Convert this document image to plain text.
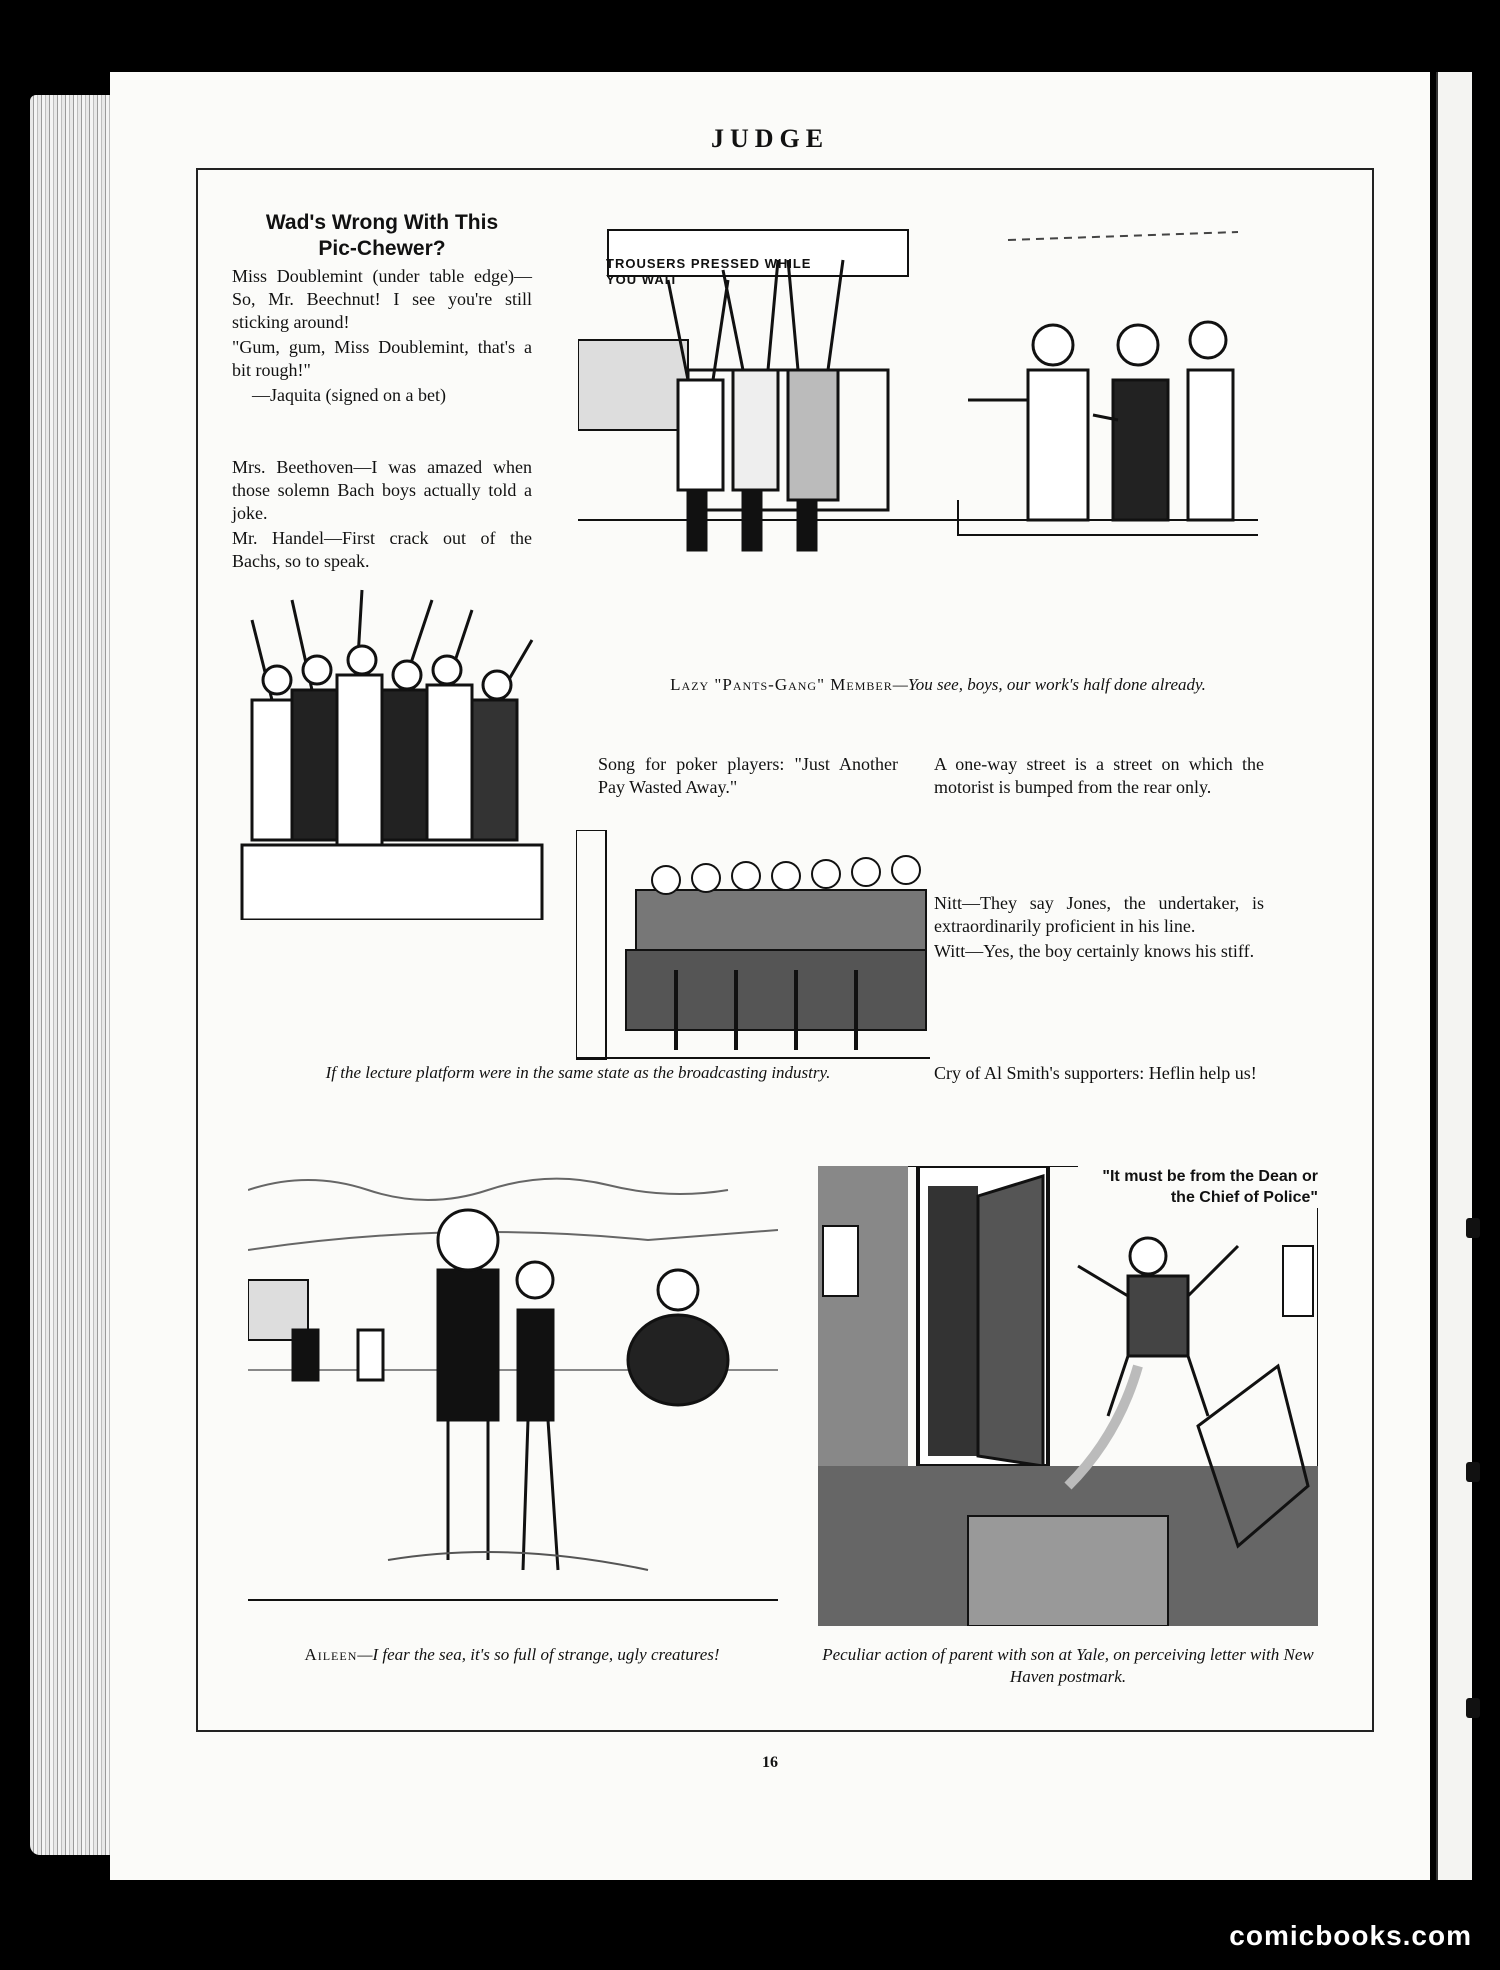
JUDGE
Wad's Wrong With This
Pic-Chewer?

Miss Doublemint (under table edge)—So, Mr. Beechnut! I see you're still sticking around!

"Gum, gum, Miss Doublemint, that's a bit rough!"

—Jaquita (signed on a bet)

Mrs. Beethoven—I was amazed when those solemn Bach boys actually told a joke.

Mr. Handel—First crack out of the Bachs, so to speak.

TROUSERS PRESSED WHILE YOU WAIT
Lazy "Pants-Gang" Member—You see, boys, our work's half done already.
Song for poker players: "Just Another Pay Wasted Away."
A one-way street is a street on which the motorist is bumped from the rear only.

Nitt—They say Jones, the undertaker, is extraordinarily proficient in his line.

Witt—Yes, the boy certainly knows his stiff.

If the lecture platform were in the same state as the broadcasting industry.	Cry of Al Smith's supporters: Heflin help us!
Aileen—I fear the sea, it's so full of strange, ugly creatures!
"It must be from the Dean or the Chief of Police"
Peculiar action of parent with son at Yale, on perceiving letter with New Haven postmark.
16
comicbooks.com
